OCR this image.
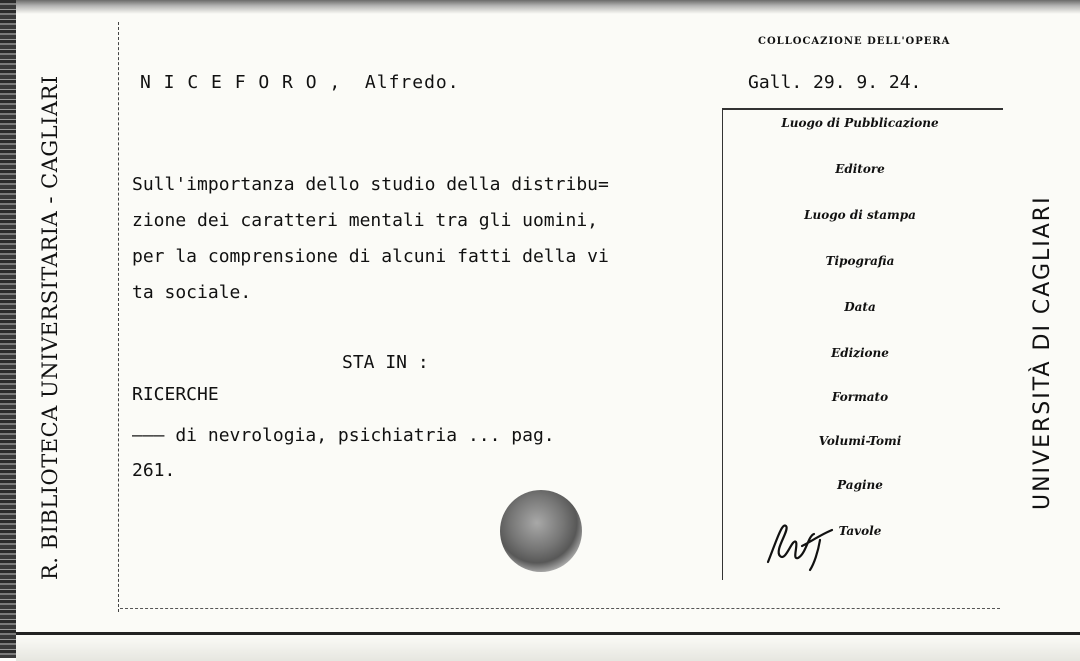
R. BIBLIOTECA UNIVERSITARIA - CAGLIARI	UNIVERSITÀ DI CAGLIARI
N I C E F O R O ,  Alfredo.
COLLOCAZIONE DELL'OPERA
Gall. 29. 9. 24.
Sull'importanza dello studio della distribu=
zione dei caratteri mentali tra gli uomini,
per la comprensione di alcuni fatti della vi
ta sociale.
STA IN :
RICERCHE
——— di nevrologia, psichiatria ... pag.
261.
Luogo di Pubblicazione
Editore
Luogo di stampa
Tipografia
Data
Edizione
Formato
Volumi-Tomi
Pagine
Tavole
